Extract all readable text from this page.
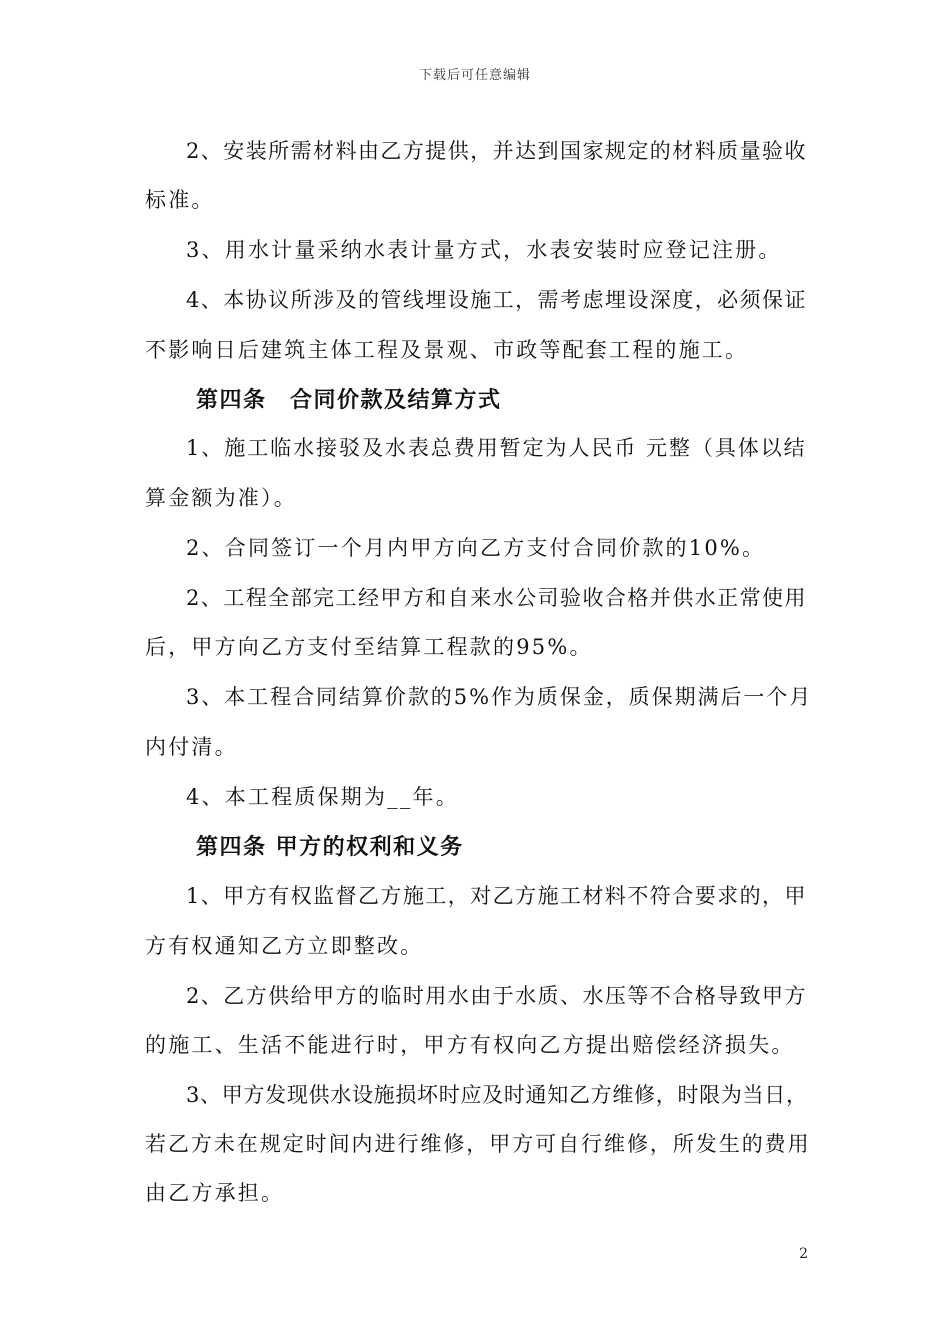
下载后可任意编辑
2、安装所需材料由乙方提供，并达到国家规定的材料质量验收
标准。
3、用水计量采纳水表计量方式，水表安装时应登记注册。
4、本协议所涉及的管线埋设施工，需考虑埋设深度，必须保证
不影响日后建筑主体工程及景观、市政等配套工程的施工。
第四条　合同价款及结算方式
1、施工临水接驳及水表总费用暂定为人民币 元整（具体以结
算金额为准）。
2、合同签订一个月内甲方向乙方支付合同价款的10%。
2、工程全部完工经甲方和自来水公司验收合格并供水正常使用
后，甲方向乙方支付至结算工程款的95%。
3、本工程合同结算价款的5%作为质保金，质保期满后一个月
内付清。
4、本工程质保期为__年。
第四条 甲方的权利和义务
1、甲方有权监督乙方施工，对乙方施工材料不符合要求的，甲
方有权通知乙方立即整改。
2、乙方供给甲方的临时用水由于水质、水压等不合格导致甲方
的施工、生活不能进行时，甲方有权向乙方提出赔偿经济损失。
3、甲方发现供水设施损坏时应及时通知乙方维修，时限为当日，
若乙方未在规定时间内进行维修，甲方可自行维修，所发生的费用
由乙方承担。
2
